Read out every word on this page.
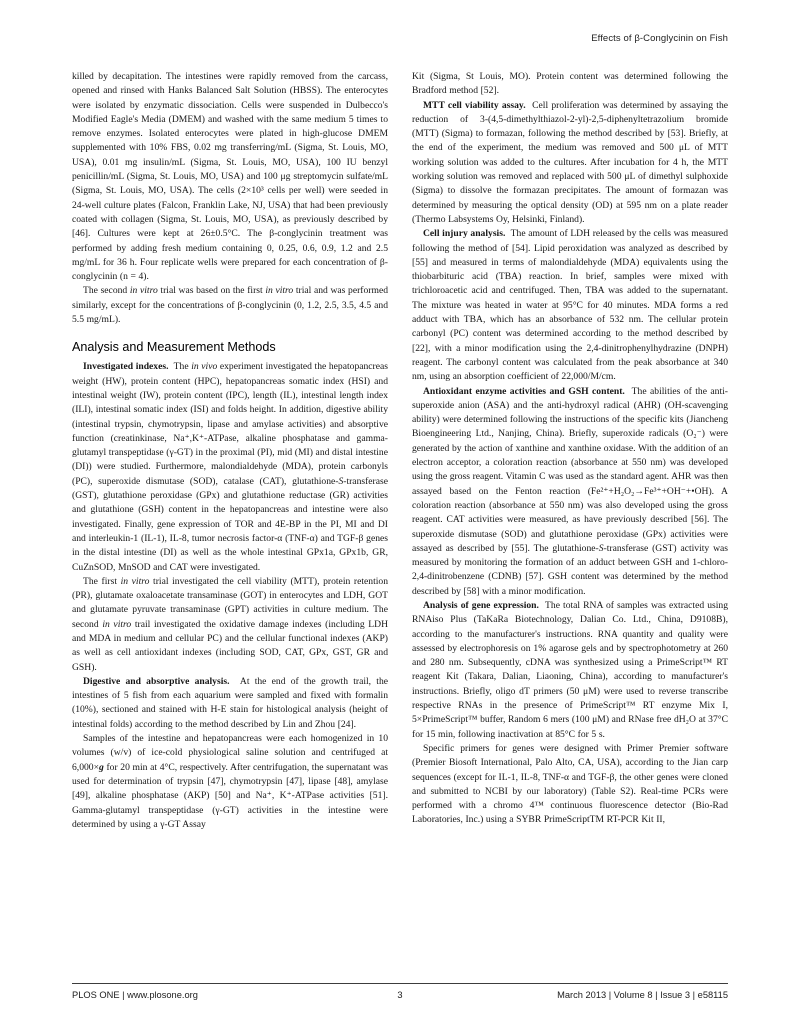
Effects of β-Conglycinin on Fish

killed by decapitation. The intestines were rapidly removed from the carcass, opened and rinsed with Hanks Balanced Salt Solution (HBSS). The enterocytes were isolated by enzymatic dissociation. Cells were suspended in Dulbecco's Modified Eagle's Media (DMEM) and washed with the same medium 5 times to remove enzymes. Isolated enterocytes were plated in high-glucose DMEM supplemented with 10% FBS, 0.02 mg transferring/mL (Sigma, St. Louis, MO, USA), 0.01 mg insulin/mL (Sigma, St. Louis, MO, USA), 100 IU benzyl penicillin/mL (Sigma, St. Louis, MO, USA) and 100 μg streptomycin sulfate/mL (Sigma, St. Louis, MO, USA). The cells (2×10³ cells per well) were seeded in 24-well culture plates (Falcon, Franklin Lake, NJ, USA) that had been previously coated with collagen (Sigma, St. Louis, MO, USA), as previously described by [46]. Cultures were kept at 26±0.5°C. The β-conglycinin treatment was performed by adding fresh medium containing 0, 0.25, 0.6, 0.9, 1.2 and 2.5 mg/mL for 36 h. Four replicate wells were prepared for each concentration of β-conglycinin (n = 4).

The second in vitro trial was based on the first in vitro trial and was performed similarly, except for the concentrations of β-conglycinin (0, 1.2, 2.5, 3.5, 4.5 and 5.5 mg/mL).

Analysis and Measurement Methods

Investigated indexes.  The in vivo experiment investigated the hepatopancreas weight (HW), protein content (HPC), hepatopancreas somatic index (HSI) and intestinal weight (IW), protein content (IPC), length (IL), intestinal length index (ILI), intestinal somatic index (ISI) and folds height. In addition, digestive ability (intestinal trypsin, chymotrypsin, lipase and amylase activities) and absorptive function (creatinkinase, Na⁺,K⁺-ATPase, alkaline phosphatase and gamma-glutamyl transpeptidase (γ-GT) in the proximal (PI), mid (MI) and distal intestine (DI)) were studied. Furthermore, malondialdehyde (MDA), protein carbonyls (PC), superoxide dismutase (SOD), catalase (CAT), glutathione-S-transferase (GST), glutathione peroxidase (GPx) and glutathione reductase (GR) activities and glutathione (GSH) content in the hepatopancreas and intestine were also investigated. Finally, gene expression of TOR and 4E-BP in the PI, MI and DI and interleukin-1 (IL-1), IL-8, tumor necrosis factor-α (TNF-α) and TGF-β genes in the distal intestine (DI) as well as the whole intestinal GPx1a, GPx1b, GR, CuZnSOD, MnSOD and CAT were investigated.

The first in vitro trial investigated the cell viability (MTT), protein retention (PR), glutamate oxaloacetate transaminase (GOT) in enterocytes and LDH, GOT and glutamate pyruvate transaminase (GPT) activities in culture medium. The second in vitro trail investigated the oxidative damage indexes (including LDH and MDA in medium and cellular PC) and the cellular functional indexes (AKP) as well as cell antioxidant indexes (including SOD, CAT, GPx, GST, GR and GSH).

Digestive and absorptive analysis.  At the end of the growth trail, the intestines of 5 fish from each aquarium were sampled and fixed with formalin (10%), sectioned and stained with H-E stain for histological analysis (height of intestinal folds) according to the method described by Lin and Zhou [24].

Samples of the intestine and hepatopancreas were each homogenized in 10 volumes (w/v) of ice-cold physiological saline solution and centrifuged at 6,000×g for 20 min at 4°C, respectively. After centrifugation, the supernatant was used for determination of trypsin [47], chymotrypsin [47], lipase [48], amylase [49], alkaline phosphatase (AKP) [50] and Na⁺, K⁺-ATPase activities [51]. Gamma-glutamyl transpeptidase (γ-GT) activities in the intestine were determined by using a γ-GT Assay

Kit (Sigma, St Louis, MO). Protein content was determined following the Bradford method [52].

MTT cell viability assay.  Cell proliferation was determined by assaying the reduction of 3-(4,5-dimethylthiazol-2-yl)-2,5-diphenyltetrazolium bromide (MTT) (Sigma) to formazan, following the method described by [53]. Briefly, at the end of the experiment, the medium was removed and 500 μL of MTT working solution was added to the cultures. After incubation for 4 h, the MTT working solution was removed and replaced with 500 μL of dimethyl sulphoxide (Sigma) to dissolve the formazan precipitates. The amount of formazan was determined by measuring the optical density (OD) at 595 nm on a plate reader (Thermo Labsystems Oy, Helsinki, Finland).

Cell injury analysis.  The amount of LDH released by the cells was measured following the method of [54]. Lipid peroxidation was analyzed as described by [55] and measured in terms of malondialdehyde (MDA) equivalents using the thiobarbituric acid (TBA) reaction. In brief, samples were mixed with trichloroacetic acid and centrifuged. Then, TBA was added to the supernatant. The mixture was heated in water at 95°C for 40 minutes. MDA forms a red adduct with TBA, which has an absorbance of 532 nm. The cellular protein carbonyl (PC) content was determined according to the method described by [22], with a minor modification using the 2,4-dinitrophenylhydrazine (DNPH) reagent. The carbonyl content was calculated from the peak absorbance at 340 nm, using an absorption coefficient of 22,000/M/cm.

Antioxidant enzyme activities and GSH content.  The abilities of the anti-superoxide anion (ASA) and the anti-hydroxyl radical (AHR) (OH-scavenging ability) were determined following the instructions of the specific kits (Jiancheng Bioengineering Ltd., Nanjing, China). Briefly, superoxide radicals (O₂⁻) were generated by the action of xanthine and xanthine oxidase. With the addition of an electron acceptor, a coloration reaction (absorbance at 550 nm) was developed using the gross reagent. Vitamin C was used as the standard agent. AHR was then assayed based on the Fenton reaction (Fe²⁺+H₂O₂→Fe³⁺+OH⁻+•OH). A coloration reaction (absorbance at 550 nm) was also developed using the gross reagent. CAT activities were measured, as have previously described [56]. The superoxide dismutase (SOD) and glutathione peroxidase (GPx) activities were assayed as described by [55]. The glutathione-S-transferase (GST) activity was measured by monitoring the formation of an adduct between GSH and 1-chloro-2,4-dinitrobenzene (CDNB) [57]. GSH content was determined by the method described by [58] with a minor modification.

Analysis of gene expression.  The total RNA of samples was extracted using RNAiso Plus (TaKaRa Biotechnology, Dalian Co. Ltd., China, D9108B), according to the manufacturer's instructions. RNA quantity and quality were assessed by electrophoresis on 1% agarose gels and by spectrophotometry at 260 and 280 nm. Subsequently, cDNA was synthesized using a PrimeScript™ RT reagent Kit (Takara, Dalian, Liaoning, China), according to manufacturer's instructions. Briefly, oligo dT primers (50 μM) were used to reverse transcribe respective RNAs in the presence of PrimeScript™ RT enzyme Mix I, 5×PrimeScript™ buffer, Random 6 mers (100 μM) and RNase free dH₂O at 37°C for 15 min, following inactivation at 85°C for 5 s.

Specific primers for genes were designed with Primer Premier software (Premier Biosoft International, Palo Alto, CA, USA), according to the Jian carp sequences (except for IL-1, IL-8, TNF-α and TGF-β, the other genes were cloned and submitted to NCBI by our laboratory) (Table S2). Real-time PCRs were performed with a chromo 4™ continuous fluorescence detector (Bio-Rad Laboratories, Inc.) using a SYBR PrimeScriptTM RT-PCR Kit II,

PLOS ONE | www.plosone.org	3	March 2013 | Volume 8 | Issue 3 | e58115
